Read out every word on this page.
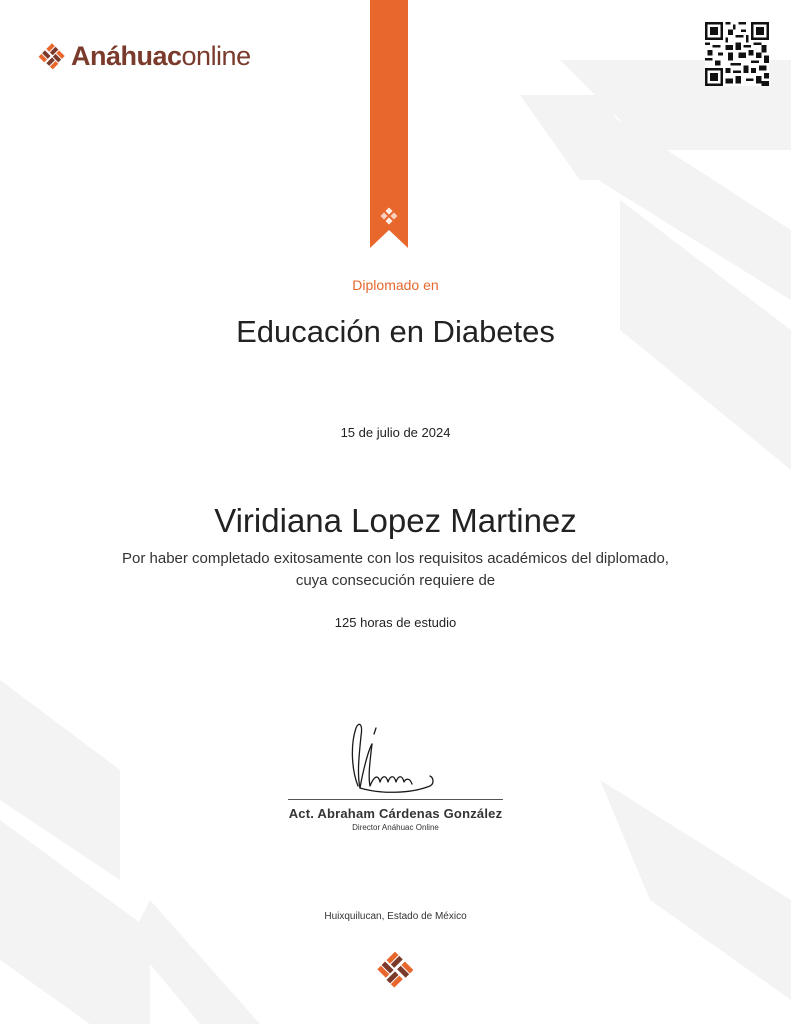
Anáhuaconline
Diplomado en
Educación en Diabetes
15 de julio de 2024
Viridiana Lopez Martinez
Por haber completado exitosamente con los requisitos académicos del diplomado,
cuya consecución requiere de
125 horas de estudio
Act. Abraham Cárdenas González
Director Anáhuac Online
Huixquilucan, Estado de México
